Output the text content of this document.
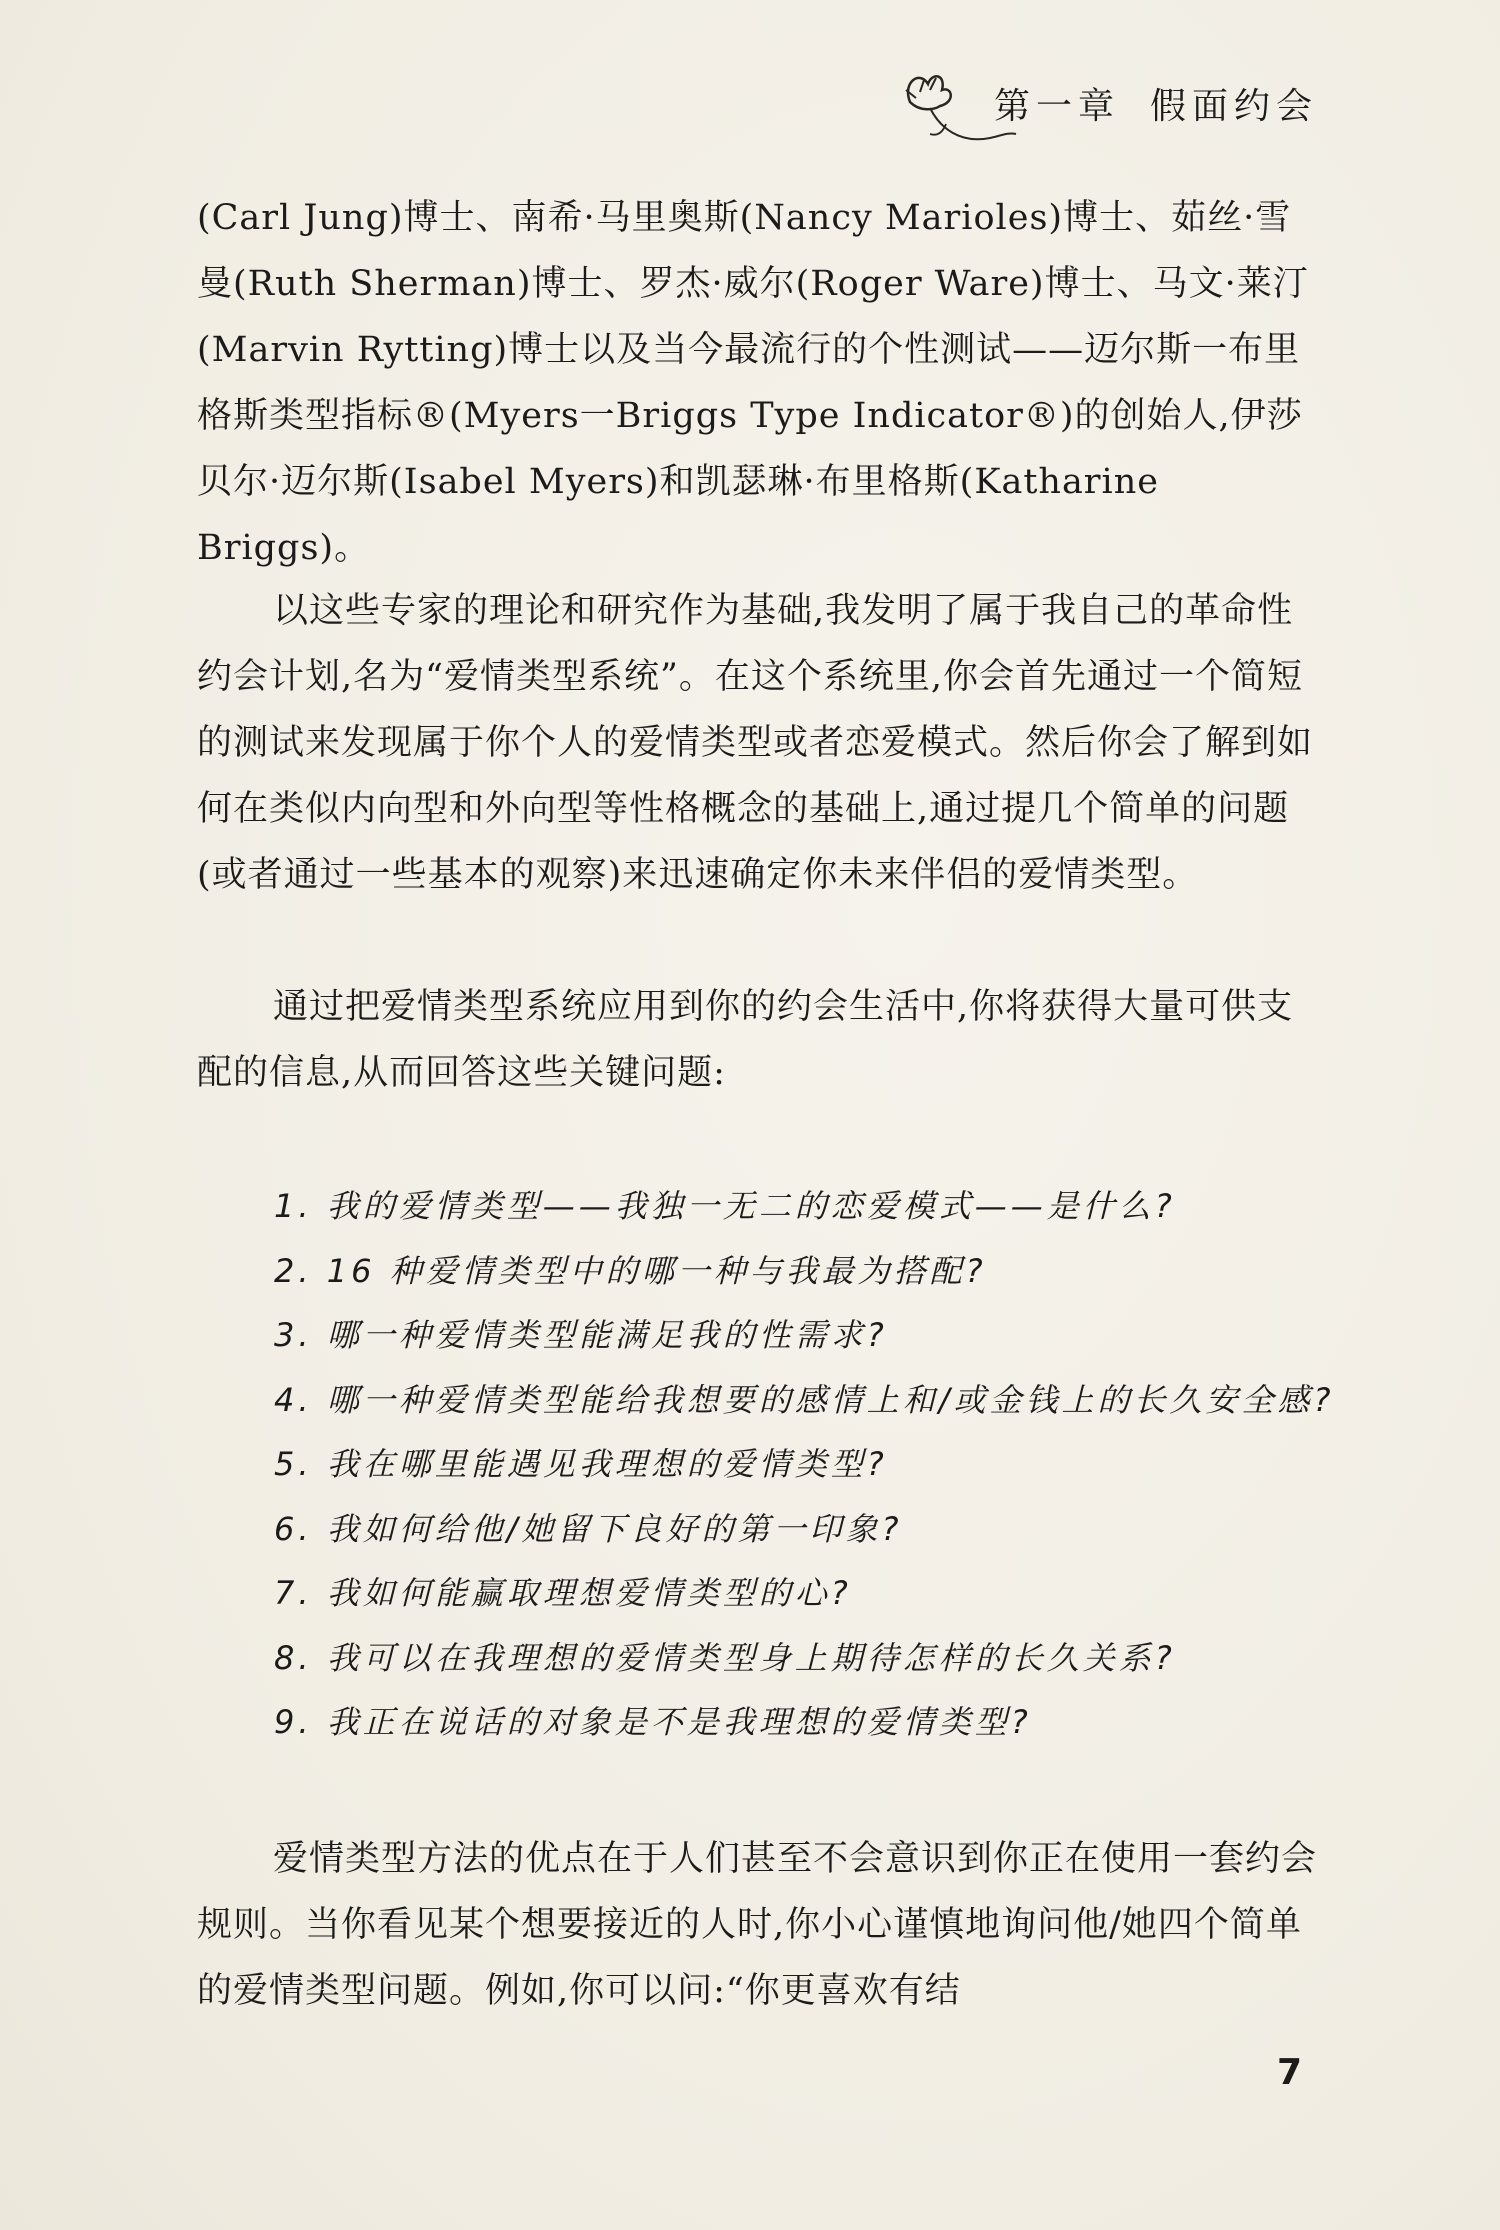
第一章 假面约会

(Carl Jung)博士、南希·马里奥斯(Nancy Marioles)博士、茹丝·雪曼(Ruth Sherman)博士、罗杰·威尔(Roger Ware)博士、马文·莱汀(Marvin Rytting)博士以及当今最流行的个性测试——迈尔斯一布里格斯类型指标®(Myers一Briggs Type Indicator®)的创始人,伊莎贝尔·迈尔斯(Isabel Myers)和凯瑟琳·布里格斯(Katharine Briggs)。

以这些专家的理论和研究作为基础,我发明了属于我自己的革命性约会计划,名为“爱情类型系统”。在这个系统里,你会首先通过一个简短的测试来发现属于你个人的爱情类型或者恋爱模式。然后你会了解到如何在类似内向型和外向型等性格概念的基础上,通过提几个简单的问题(或者通过一些基本的观察)来迅速确定你未来伴侣的爱情类型。

通过把爱情类型系统应用到你的约会生活中,你将获得大量可供支配的信息,从而回答这些关键问题:

1. 我的爱情类型——我独一无二的恋爱模式——是什么?
2. 16 种爱情类型中的哪一种与我最为搭配?
3. 哪一种爱情类型能满足我的性需求?
4. 哪一种爱情类型能给我想要的感情上和/或金钱上的长久安全感?
5. 我在哪里能遇见我理想的爱情类型?
6. 我如何给他/她留下良好的第一印象?
7. 我如何能赢取理想爱情类型的心?
8. 我可以在我理想的爱情类型身上期待怎样的长久关系?
9. 我正在说话的对象是不是我理想的爱情类型?

爱情类型方法的优点在于人们甚至不会意识到你正在使用一套约会规则。当你看见某个想要接近的人时,你小心谨慎地询问他/她四个简单的爱情类型问题。例如,你可以问:“你更喜欢有结

7
